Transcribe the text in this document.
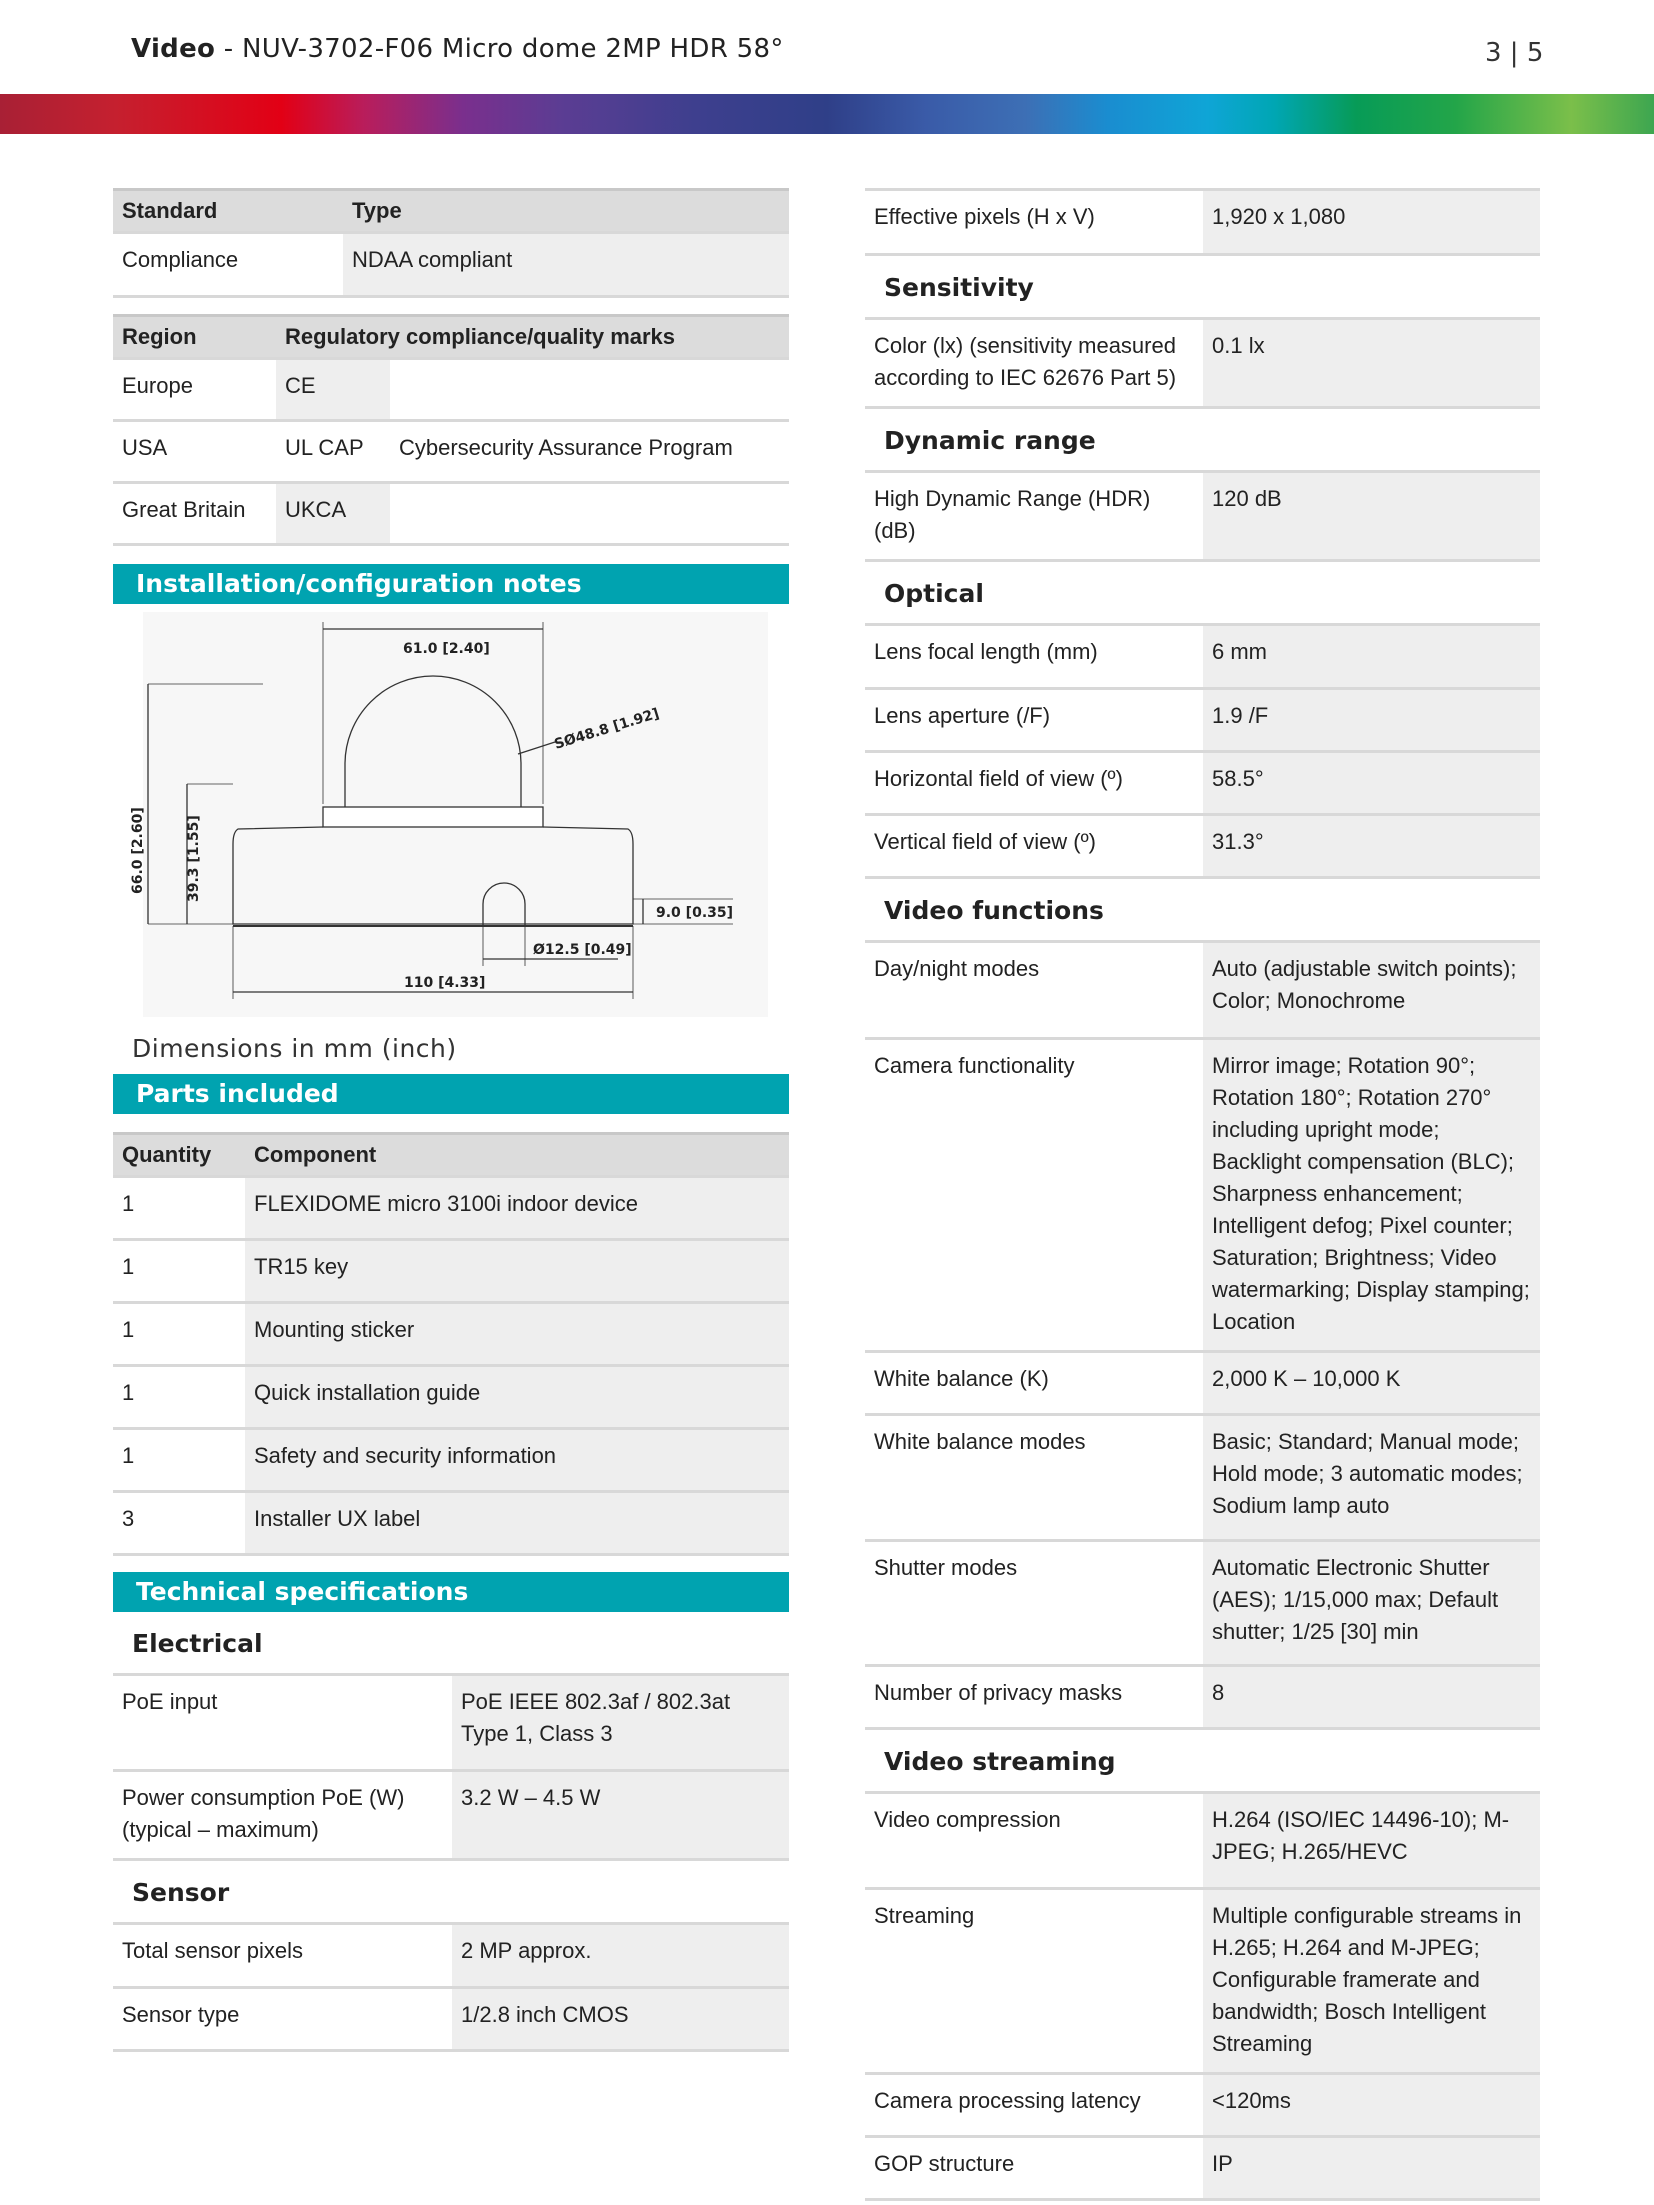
Video - NUV-3702-F06 Micro dome 2MP HDR 58°	3 | 5
Standard	Type
Compliance	NDAA compliant
Region	Regulatory compliance/quality marks	
Europe	CE	
USA	UL CAP	Cybersecurity Assurance Program
Great Britain	UKCA	
Installation/configuration notes
61.0 [2.40]
SØ48.8 [1.92]
66.0 [2.60]	39.3 [1.55]
9.0 [0.35]
Ø12.5 [0.49]
110 [4.33]
Dimensions in mm (inch)
Parts included
Quantity	Component
1	FLEXIDOME micro 3100i indoor device
1	TR15 key
1	Mounting sticker
1	Quick installation guide
1	Safety and security information
3	Installer UX label
Technical specifications
Electrical
PoE input	PoE IEEE 802.3af / 802.3at Type 1, Class 3
Power consumption PoE (W) (typical – maximum)	3.2 W – 4.5 W
Sensor
Total sensor pixels	2 MP approx.
Sensor type	1/2.8 inch CMOS
Effective pixels (H x V)	1,920 x 1,080
Sensitivity
Color (lx) (sensitivity measured according to IEC 62676 Part 5)	0.1 lx
Dynamic range
High Dynamic Range (HDR) (dB)	120 dB
Optical
Lens focal length (mm)	6 mm
Lens aperture (/F)	1.9 /F
Horizontal field of view (º)	58.5°
Vertical field of view (º)	31.3°
Video functions
Day/night modes	Auto (adjustable switch points); Color; Monochrome
Camera functionality	Mirror image; Rotation 90°; Rotation 180°; Rotation 270° including upright mode; Backlight compensation (BLC); Sharpness enhancement; Intelligent defog; Pixel counter; Saturation; Brightness; Video watermarking; Display stamping; Location
White balance (K)	2,000 K – 10,000 K
White balance modes	Basic; Standard; Manual mode; Hold mode; 3 automatic modes; Sodium lamp auto
Shutter modes	Automatic Electronic Shutter (AES); 1/15,000 max; Default shutter; 1/25 [30] min
Number of privacy masks	8
Video streaming
Video compression	H.264 (ISO/IEC 14496-10); M-JPEG; H.265/HEVC
Streaming	Multiple configurable streams in H.265; H.264 and M-JPEG; Configurable framerate and bandwidth; Bosch Intelligent Streaming
Camera processing latency	<120ms
GOP structure	IP
